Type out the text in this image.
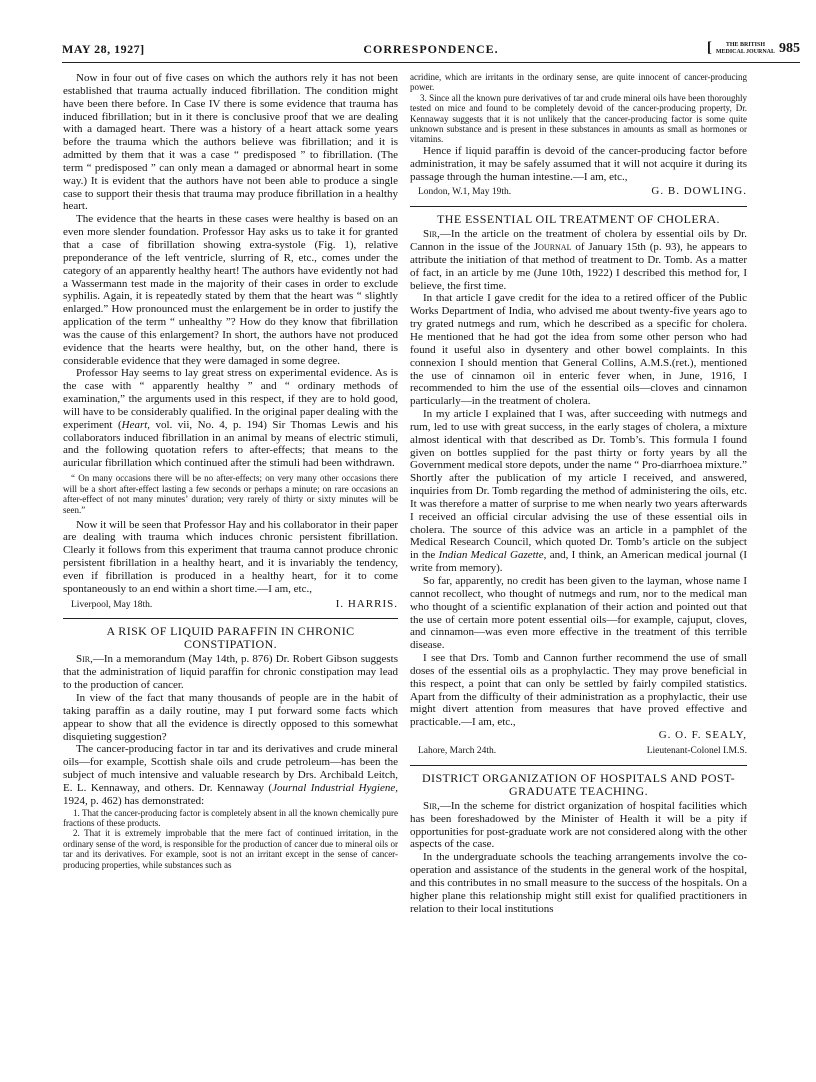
MAY 28, 1927]	CORRESPONDENCE.	[	THE BRITISH
MEDICAL JOURNAL 985

Now in four out of five cases on which the authors rely it has not been established that trauma actually induced fibrillation. The condition might have been there before. In Case IV there is some evidence that trauma has induced fibrillation; but in it there is conclusive proof that we are dealing with a damaged heart. There was a history of a heart attack some years before the trauma which the authors believe was fibrillation; and it is admitted by them that it was a case “ predisposed ” to fibrillation. (The term “ predisposed ” can only mean a damaged or abnormal heart in some way.) It is evident that the authors have not been able to produce a single case to support their thesis that trauma may produce fibrillation in a healthy heart.

The evidence that the hearts in these cases were healthy is based on an even more slender foundation. Professor Hay asks us to take it for granted that a case of fibrillation showing extra-systole (Fig. 1), relative preponderance of the left ventricle, slurring of R, etc., comes under the category of an apparently healthy heart! The authors have evidently not had a Wassermann test made in the majority of their cases in order to exclude syphilis. Again, it is repeatedly stated by them that the heart was “ slightly enlarged.” How pronounced must the enlargement be in order to justify the application of the term “ unhealthy ”? How do they know that fibrillation was the cause of this enlargement? In short, the authors have not produced evidence that the hearts were healthy, but, on the other hand, there is considerable evidence that they were damaged in some degree.

Professor Hay seems to lay great stress on experimental evidence. As is the case with “ apparently healthy ” and “ ordinary methods of examination,” the arguments used in this respect, if they are to hold good, will have to be considerably qualified. In the original paper dealing with the experiment (Heart, vol. vii, No. 4, p. 194) Sir Thomas Lewis and his collaborators induced fibrillation in an animal by means of electric stimuli, and the following quotation refers to after-effects; that means to the auricular fibrillation which continued after the stimuli had been withdrawn.

“ On many occasions there will be no after-effects; on very many other occasions there will be a short after-effect lasting a few seconds or perhaps a minute; on rare occasions an after-effect of not many minutes’ duration; very rarely of thirty or sixty minutes will be seen.”

Now it will be seen that Professor Hay and his collaborator in their paper are dealing with trauma which induces chronic persistent fibrillation. Clearly it follows from this experiment that trauma cannot produce chronic persistent fibrillation in a healthy heart, and it is invariably the tendency, even if fibrillation is produced in a healthy heart, for it to come spontaneously to an end within a short time.—I am, etc.,

Liverpool, May 18th.	I. HARRIS.
A RISK OF LIQUID PARAFFIN IN CHRONIC CONSTIPATION.

Sir,—In a memorandum (May 14th, p. 876) Dr. Robert Gibson suggests that the administration of liquid paraffin for chronic constipation may lead to the production of cancer.

In view of the fact that many thousands of people are in the habit of taking paraffin as a daily routine, may I put forward some facts which appear to show that all the evidence is directly opposed to this somewhat disquieting suggestion?

The cancer-producing factor in tar and its derivatives and crude mineral oils—for example, Scottish shale oils and crude petroleum—has been the subject of much intensive and valuable research by Drs. Archibald Leitch, E. L. Kennaway, and others. Dr. Kennaway (Journal Industrial Hygiene, 1924, p. 462) has demonstrated:

1. That the cancer-producing factor is completely absent in all the known chemically pure fractions of these products.

2. That it is extremely improbable that the mere fact of continued irritation, in the ordinary sense of the word, is responsible for the production of cancer due to mineral oils or tar and its derivatives. For example, soot is not an irritant except in the sense of cancer-producing properties, while substances such as

acridine, which are irritants in the ordinary sense, are quite innocent of cancer-producing power.

3. Since all the known pure derivatives of tar and crude mineral oils have been thoroughly tested on mice and found to be completely devoid of the cancer-producing property, Dr. Kennaway suggests that it is not unlikely that the cancer-producing factor is some quite unknown substance and is present in these substances in amounts as small as hormones or vitamins.

Hence if liquid paraffin is devoid of the cancer-producing factor before administration, it may be safely assumed that it will not acquire it during its passage through the human intestine.—I am, etc.,

London, W.1, May 19th.	G. B. DOWLING.
THE ESSENTIAL OIL TREATMENT OF CHOLERA.

Sir,—In the article on the treatment of cholera by essential oils by Dr. Cannon in the issue of the Journal of January 15th (p. 93), he appears to attribute the initiation of that method of treatment to Dr. Tomb. As a matter of fact, in an article by me (June 10th, 1922) I described this method for, I believe, the first time.

In that article I gave credit for the idea to a retired officer of the Public Works Department of India, who advised me about twenty-five years ago to try grated nutmegs and rum, which he described as a specific for cholera. He mentioned that he had got the idea from some other person who had found it useful also in dysentery and other bowel complaints. In this connexion I should mention that General Collins, A.M.S.(ret.), mentioned the use of cinnamon oil in enteric fever when, in June, 1916, I recommended to him the use of the essential oils—cloves and cinnamon particularly—in the treatment of cholera.

In my article I explained that I was, after succeeding with nutmegs and rum, led to use with great success, in the early stages of cholera, a mixture almost identical with that described as Dr. Tomb’s. This formula I found given on bottles supplied for the past thirty or forty years by all the Government medical store depots, under the name “ Pro-diarrhoea mixture.” Shortly after the publication of my article I received, and answered, inquiries from Dr. Tomb regarding the method of administering the oils, etc. It was therefore a matter of surprise to me when nearly two years afterwards I received an official circular advising the use of these essential oils in cholera. The source of this advice was an article in a pamphlet of the Medical Research Council, which quoted Dr. Tomb’s article on the subject in the Indian Medical Gazette, and, I think, an American medical journal (I write from memory).

So far, apparently, no credit has been given to the layman, whose name I cannot recollect, who thought of nutmegs and rum, nor to the medical man who thought of a scientific explanation of their action and pointed out that the use of certain more potent essential oils—for example, cajuput, cloves, and cinnamon—was even more effective in the treatment of this terrible disease.

I see that Drs. Tomb and Cannon further recommend the use of small doses of the essential oils as a prophylactic. They may prove beneficial in this respect, a point that can only be settled by fairly compiled statistics. Apart from the difficulty of their administration as a prophylactic, their use might divert attention from measures that have proved effective and practicable.—I am, etc.,

G. O. F. SEALY,
Lahore, March 24th.	Lieutenant-Colonel I.M.S.
DISTRICT ORGANIZATION OF HOSPITALS AND POST-GRADUATE TEACHING.

Sir,—In the scheme for district organization of hospital facilities which has been foreshadowed by the Minister of Health it will be a pity if opportunities for post-graduate work are not considered along with the other aspects of the case.

In the undergraduate schools the teaching arrangements involve the co-operation and assistance of the students in the general work of the hospital, and this contributes in no small measure to the success of the hospitals. On a higher plane this relationship might still exist for qualified practitioners in relation to their local institutions
